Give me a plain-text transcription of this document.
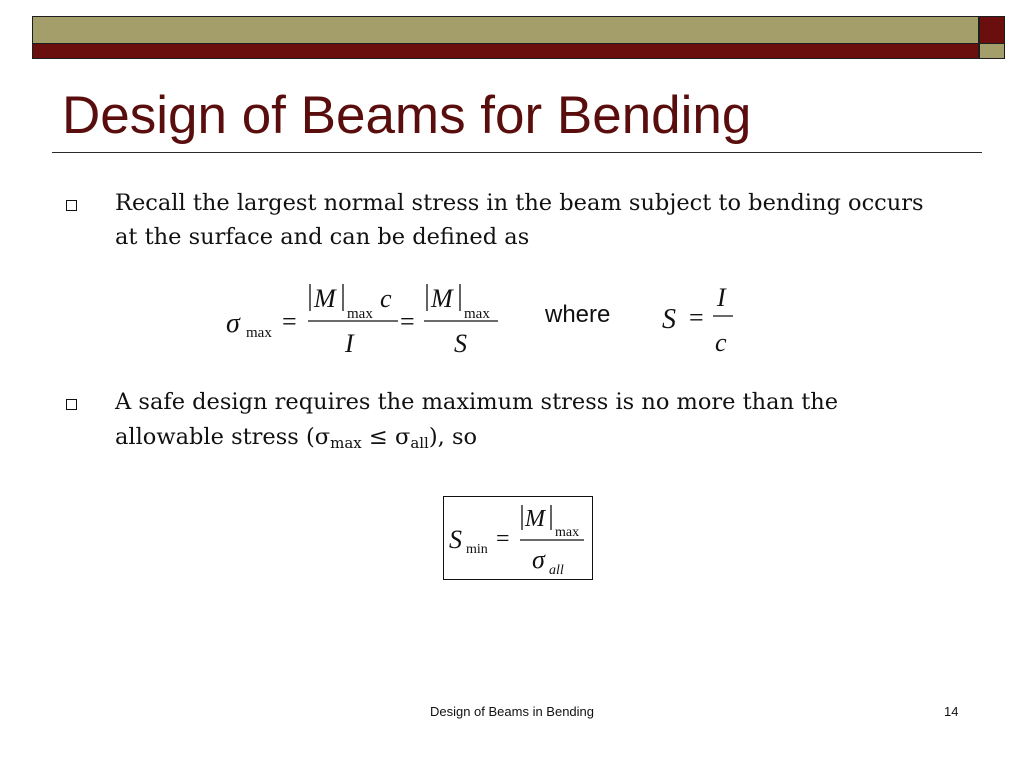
Design of Beams for Bending
Recall the largest normal stress in the beam subject to bending occurs
at the surface and can be defined as
σ max =
M
max
c
I
=
M
max
S
where S =
I
c
A safe design requires the maximum stress is no more than the
allowable stress $(\sigma_{max} \le \sigma_{all})$, so
S min =
M
max
σ all
Design of Beams in Bending	14
